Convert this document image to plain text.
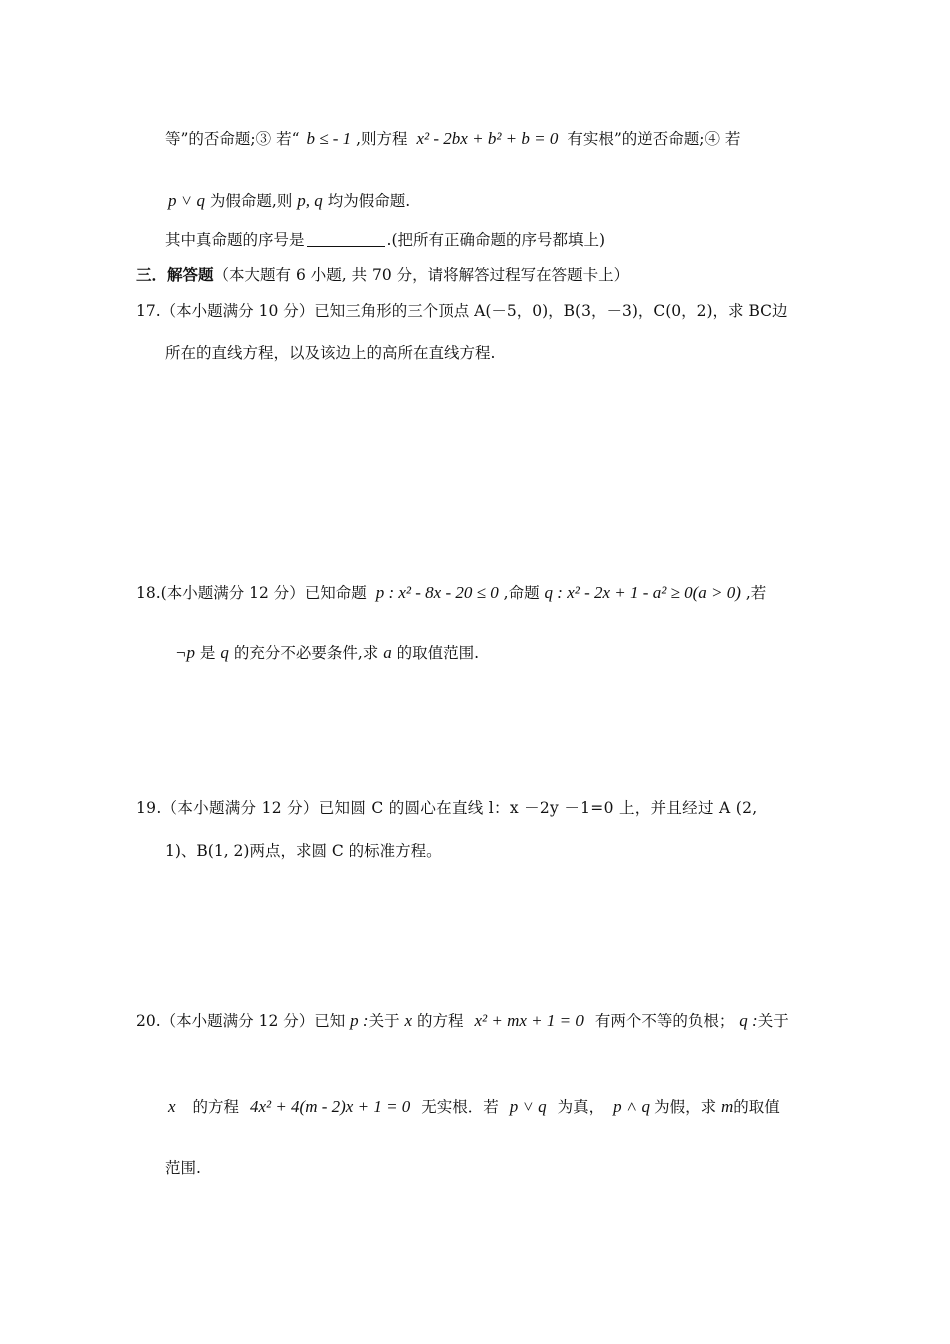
等”的否命题;③ 若“ b ≤ - 1 ,则方程 x² - 2bx + b² + b = 0 有实根”的逆否命题;④ 若
p ˅ q 为假命题,则 p, q 均为假命题.
其中真命题的序号是	.(把所有正确命题的序号都填上)
三．解答题（本大题有 6 小题, 共 70 分，请将解答过程写在答题卡上）
17.（本小题满分 10 分）已知三角形的三个顶点 A(－5，0)，B(3，－3)，C(0，2)，求 BC边
所在的直线方程，以及该边上的高所在直线方程.
18.(本小题满分 12 分）已知命题 p : x² - 8x - 20 ≤ 0 ,命题 q : x² - 2x + 1 - a² ≥ 0(a > 0) ,若
¬p 是 q 的充分不必要条件,求 a 的取值范围.
19.（本小题满分 12 分）已知圆 C 的圆心在直线 l：x －2y －1=0 上，并且经过 A (2,
1)、B(1, 2)两点，求圆 C 的标准方程。
20.（本小题满分 12 分）已知 p :关于 x 的方程 x² + mx + 1 = 0 有两个不等的负根； q :关于
x 的方程 4x² + 4(m - 2)x + 1 = 0 无实根．若 p ˅ q 为真， p ˄ q 为假，求 m的取值
范围.
